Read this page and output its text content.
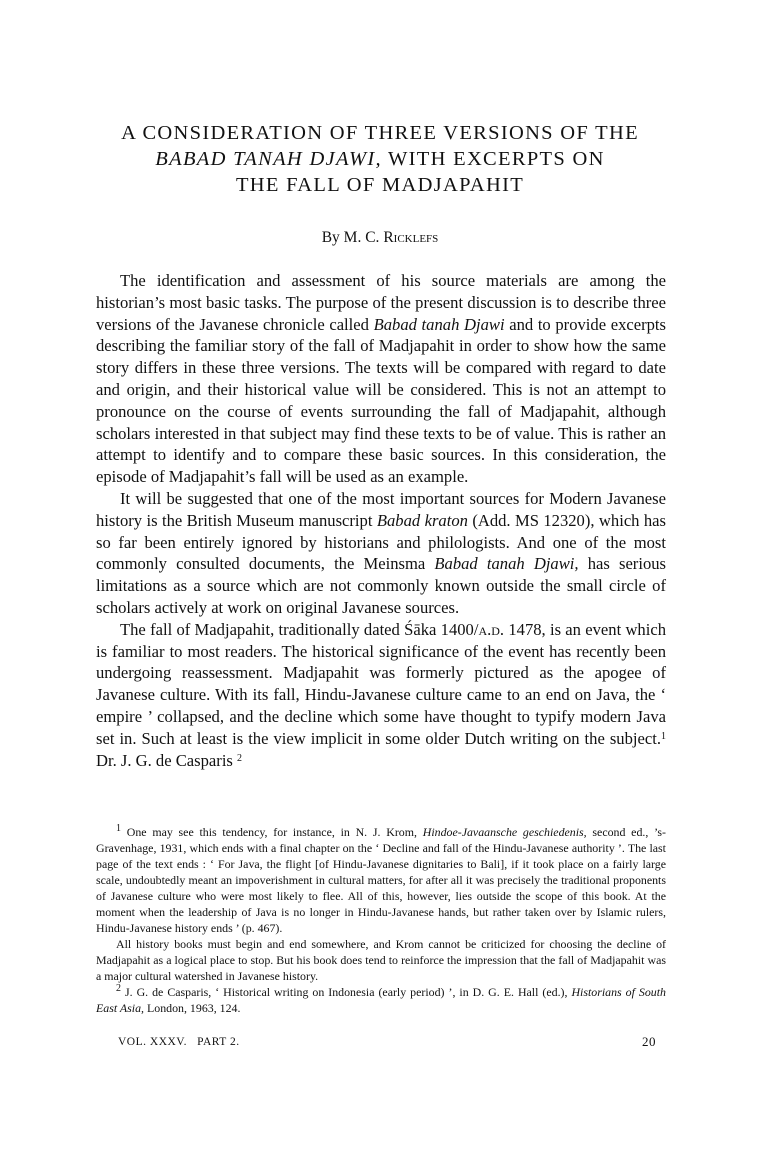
A CONSIDERATION OF THREE VERSIONS OF THE
BABAD TANAH DJAWI, WITH EXCERPTS ON
THE FALL OF MADJAPAHIT
By M. C. Ricklefs

The identification and assessment of his source materials are among the historian’s most basic tasks. The purpose of the present discussion is to describe three versions of the Javanese chronicle called Babad tanah Djawi and to provide excerpts describing the familiar story of the fall of Madjapahit in order to show how the same story differs in these three versions. The texts will be compared with regard to date and origin, and their historical value will be considered. This is not an attempt to pronounce on the course of events surrounding the fall of Madjapahit, although scholars interested in that subject may find these texts to be of value. This is rather an attempt to identify and to compare these basic sources. In this consideration, the episode of Madjapahit’s fall will be used as an example.

It will be suggested that one of the most important sources for Modern Javanese history is the British Museum manuscript Babad kraton (Add. MS 12320), which has so far been entirely ignored by historians and philologists. And one of the most commonly consulted documents, the Meinsma Babad tanah Djawi, has serious limitations as a source which are not commonly known outside the small circle of scholars actively at work on original Javanese sources.

The fall of Madjapahit, traditionally dated Śāka 1400/a.d. 1478, is an event which is familiar to most readers. The historical significance of the event has recently been undergoing reassessment. Madjapahit was formerly pictured as the apogee of Javanese culture. With its fall, Hindu-Javanese culture came to an end on Java, the ‘ empire ’ collapsed, and the decline which some have thought to typify modern Java set in. Such at least is the view implicit in some older Dutch writing on the subject.$^1$ Dr. J. G. de Casparis $^2$

$^1$ One may see this tendency, for instance, in N. J. Krom, Hindoe-Javaansche geschiedenis, second ed., ’s-Gravenhage, 1931, which ends with a final chapter on the ‘ Decline and fall of the Hindu-Javanese authority ’. The last page of the text ends : ‘ For Java, the flight [of Hindu-Javanese dignitaries to Bali], if it took place on a fairly large scale, undoubtedly meant an impoverishment in cultural matters, for after all it was precisely the traditional proponents of Javanese culture who were most likely to flee. All of this, however, lies outside the scope of this book. At the moment when the leadership of Java is no longer in Hindu-Javanese hands, but rather taken over by Islamic rulers, Hindu-Javanese history ends ’ (p. 467).

All history books must begin and end somewhere, and Krom cannot be criticized for choosing the decline of Madjapahit as a logical place to stop. But his book does tend to reinforce the impression that the fall of Madjapahit was a major cultural watershed in Javanese history.

$^2$ J. G. de Casparis, ‘ Historical writing on Indonesia (early period) ’, in D. G. E. Hall (ed.), Historians of South East Asia, London, 1963, 124.

VOL. XXXV.   PART 2.	20
